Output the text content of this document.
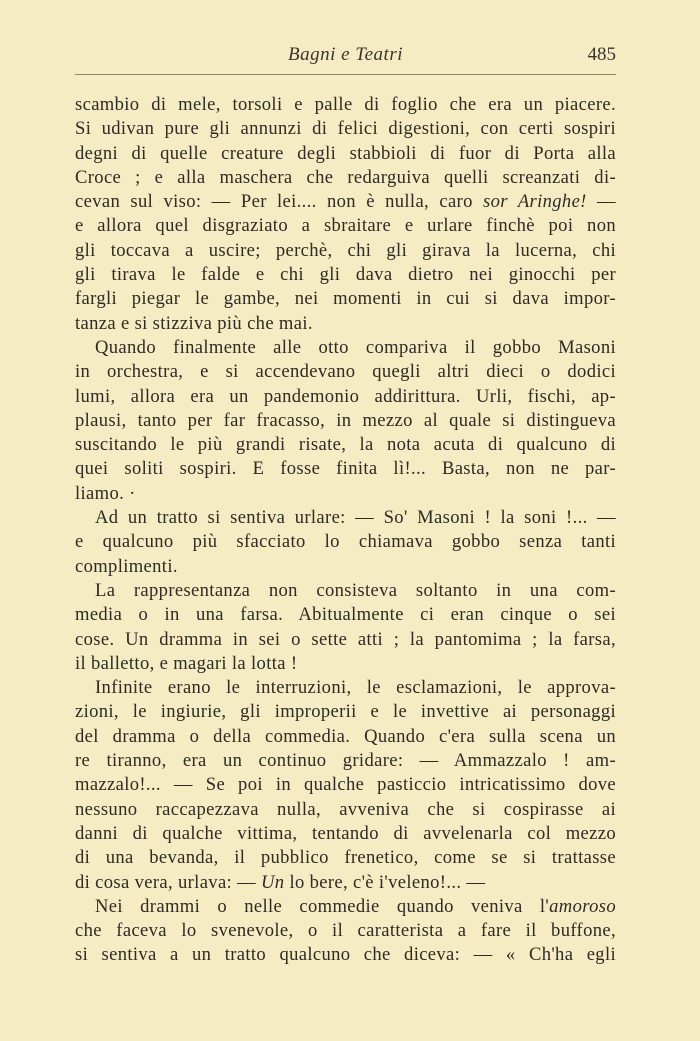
Bagni e Teatri	485

scambio di mele, torsoli e palle di foglio che era un piacere.
Si udivan pure gli annunzi di felici digestioni, con certi sospiri
degni di quelle creature degli stabbioli di fuor di Porta alla
Croce ; e alla maschera che redarguiva quelli screanzati di-
cevan sul viso: — Per lei.... non è nulla, caro sor Aringhe! —
e allora quel disgraziato a sbraitare e urlare finchè poi non
gli toccava a uscire; perchè, chi gli girava la lucerna, chi
gli tirava le falde e chi gli dava dietro nei ginocchi per
fargli piegar le gambe, nei momenti in cui si dava impor-
tanza e si stizziva più che mai.

Quando finalmente alle otto compariva il gobbo Masoni
in orchestra, e si accendevano quegli altri dieci o dodici
lumi, allora era un pandemonio addirittura. Urli, fischi, ap-
plausi, tanto per far fracasso, in mezzo al quale si distingueva
suscitando le più grandi risate, la nota acuta di qualcuno di
quei soliti sospiri. E fosse finita lì!... Basta, non ne par-
liamo. ·

Ad un tratto si sentiva urlare: — So' Masoni ! la soni !... —
e qualcuno più sfacciato lo chiamava gobbo senza tanti
complimenti.

La rappresentanza non consisteva soltanto in una com-
media o in una farsa. Abitualmente ci eran cinque o sei
cose. Un dramma in sei o sette atti ; la pantomima ; la farsa,
il balletto, e magari la lotta !

Infinite erano le interruzioni, le esclamazioni, le approva-
zioni, le ingiurie, gli improperii e le invettive ai personaggi
del dramma o della commedia. Quando c'era sulla scena un
re tiranno, era un continuo gridare: — Ammazzalo ! am-
mazzalo!... — Se poi in qualche pasticcio intricatissimo dove
nessuno raccapezzava nulla, avveniva che si cospirasse ai
danni di qualche vittima, tentando di avvelenarla col mezzo
di una bevanda, il pubblico frenetico, come se si trattasse
di cosa vera, urlava: — Un lo bere, c'è i'veleno!... —

Nei drammi o nelle commedie quando veniva l'amoroso
che faceva lo svenevole, o il caratterista a fare il buffone,
si sentiva a un tratto qualcuno che diceva: — « Ch'ha egli
